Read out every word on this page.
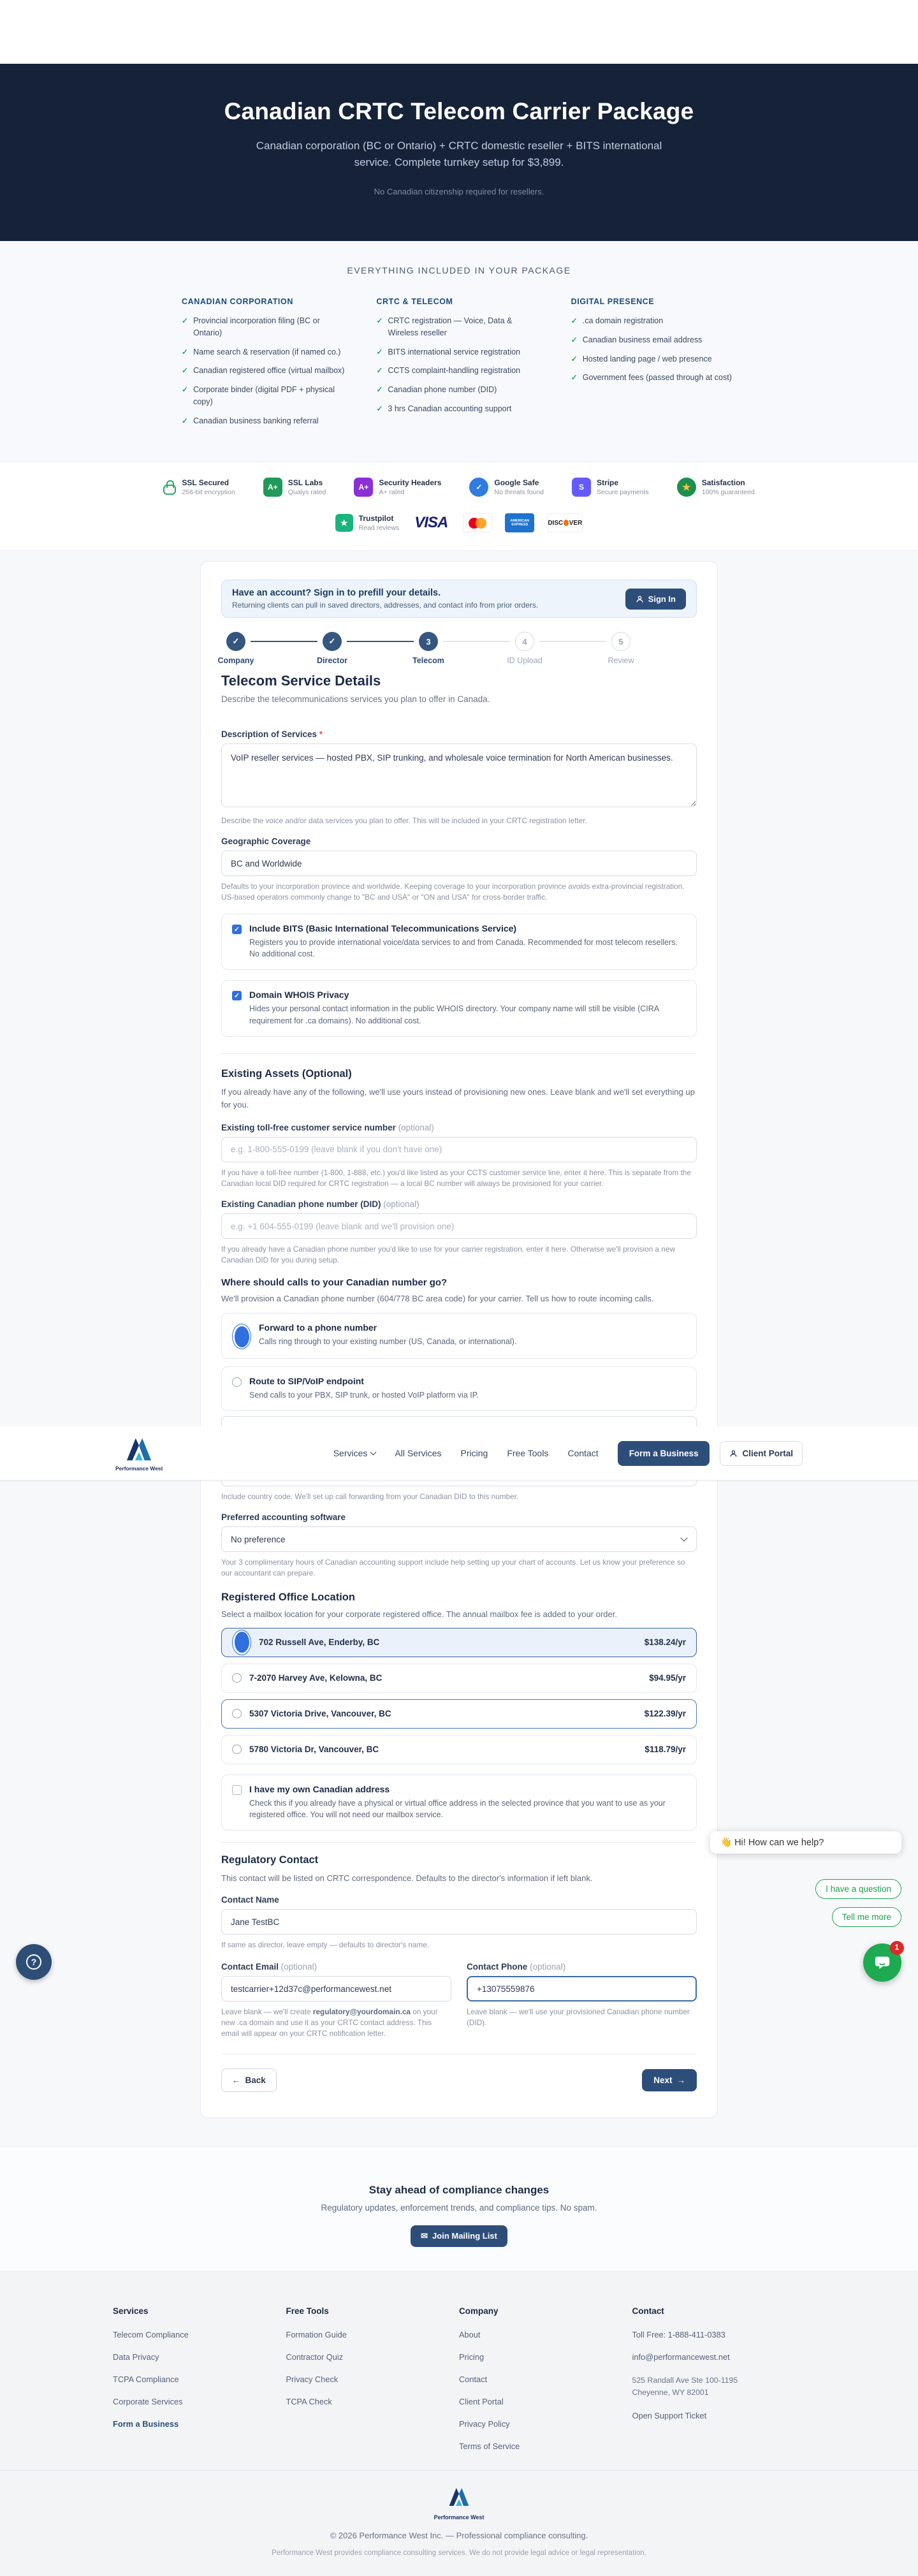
Canadian CRTC Telecom Carrier Package

Canadian corporation (BC or Ontario) + CRTC domestic reseller + BITS international service. Complete turnkey setup for $3,899.

No Canadian citizenship required for resellers.

EVERYTHING INCLUDED IN YOUR PACKAGE
CANADIAN CORPORATION
✓ Provincial incorporation filing (BC or Ontario)
✓ Name search & reservation (if named co.)
✓ Canadian registered office (virtual mailbox)
✓ Corporate binder (digital PDF + physical copy)
✓ Canadian business banking referral
CRTC & TELECOM
✓ CRTC registration — Voice, Data & Wireless reseller
✓ BITS international service registration
✓ CCTS complaint-handling registration
✓ Canadian phone number (DID)
✓ 3 hrs Canadian accounting support
DIGITAL PRESENCE
✓ .ca domain registration
✓ Canadian business email address
✓ Hosted landing page / web presence
✓ Government fees (passed through at cost)
SSL Secured
256-bit encryption
A+	SSL Labs
Qualys rated
A+	Security Headers
A+ rated
✓	Google Safe
No threats found
S	Stripe
Secure payments	★	Satisfaction
100% guaranteed
★	Trustpilot
Read reviews VISA	AMERICAN EXPRESS	DISC VER
Have an account? Sign in to prefill your details.
Returning clients can pull in saved directors, addresses, and contact info from prior orders.
Sign In
✓
Company
✓
Director
3
Telecom
4
ID Upload
5
Review
Telecom Service Details

Describe the telecommunications services you plan to offer in Canada.

Description of Services *
VoIP reseller services — hosted PBX, SIP trunking, and wholesale voice termination for North American businesses.
Describe the voice and/or data services you plan to offer. This will be included in your CRTC registration letter.
Geographic Coverage
BC and Worldwide
Defaults to your incorporation province and worldwide. Keeping coverage to your incorporation province avoids extra-provincial registration. US-based operators commonly change to "BC and USA" or "ON and USA" for cross-border traffic.
✓ Include BITS (Basic International Telecommunications Service)
Registers you to provide international voice/data services to and from Canada. Recommended for most telecom resellers. No additional cost.
✓ Domain WHOIS Privacy
Hides your personal contact information in the public WHOIS directory. Your company name will still be visible (CIRA requirement for .ca domains). No additional cost.
Existing Assets (Optional)

If you already have any of the following, we'll use yours instead of provisioning new ones. Leave blank and we'll set everything up for you.

Existing toll-free customer service number (optional)
e.g. 1-800-555-0199 (leave blank if you don't have one)
If you have a toll-free number (1-800, 1-888, etc.) you'd like listed as your CCTS customer service line, enter it here. This is separate from the Canadian local DID required for CRTC registration — a local BC number will always be provisioned for your carrier.
Existing Canadian phone number (DID) (optional)
e.g. +1 604-555-0199 (leave blank and we'll provision one)
If you already have a Canadian phone number you'd like to use for your carrier registration, enter it here. Otherwise we'll provision a new Canadian DID for you during setup.
Where should calls to your Canadian number go?

We'll provision a Canadian phone number (604/778 BC area code) for your carrier. Tell us how to route incoming calls.

Forward to a phone number
Calls ring through to your existing number (US, Canada, or international).
Route to SIP/VoIP endpoint
Send calls to your PBX, SIP trunk, or hosted VoIP platform via IP.
Include country code. We'll set up call forwarding from your Canadian DID to this number.
Preferred accounting software
No preference
Your 3 complimentary hours of Canadian accounting support include help setting up your chart of accounts. Let us know your preference so our accountant can prepare.
Registered Office Location

Select a mailbox location for your corporate registered office. The annual mailbox fee is added to your order.

702 Russell Ave, Enderby, BC	$138.24/yr
7-2070 Harvey Ave, Kelowna, BC	$94.95/yr
5307 Victoria Drive, Vancouver, BC	$122.39/yr
5780 Victoria Dr, Vancouver, BC	$118.79/yr
I have my own Canadian address
Check this if you already have a physical or virtual office address in the selected province that you want to use as your registered office. You will not need our mailbox service.
Regulatory Contact

This contact will be listed on CRTC correspondence. Defaults to the director's information if left blank.

Contact Name
Jane TestBC
If same as director, leave empty — defaults to director's name.
Contact Email (optional)
testcarrier+12d37c@performancewest.net
Leave blank — we'll create regulatory@yourdomain.ca on your new .ca domain and use it as your CRTC contact address. This email will appear on your CRTC notification letter.
Contact Phone (optional)
+13075559876
Leave blank — we'll use your provisioned Canadian phone number (DID).
← Back	Next →
Stay ahead of compliance changes

Regulatory updates, enforcement trends, and compliance tips. No spam.

✉ Join Mailing List
Services
Telecom Compliance
Data Privacy
TCPA Compliance
Corporate Services
Form a Business
Free Tools
Formation Guide
Contractor Quiz
Privacy Check
TCPA Check
Company
About
Pricing
Contact
Client Portal
Privacy Policy
Terms of Service
Contact
Toll Free: 1-888-411-0383
info@performancewest.net
525 Randall Ave Ste 100-1195
Cheyenne, WY 82001
Open Support Ticket
Performance West
© 2026 Performance West Inc. — Professional compliance consulting.
Performance West provides compliance consulting services. We do not provide legal advice or legal representation.
Performance West
Services	All Services Pricing Free Tools Contact	Form a Business	Client Portal
👋 Hi! How can we help?
I have a question
Tell me more
1
?
